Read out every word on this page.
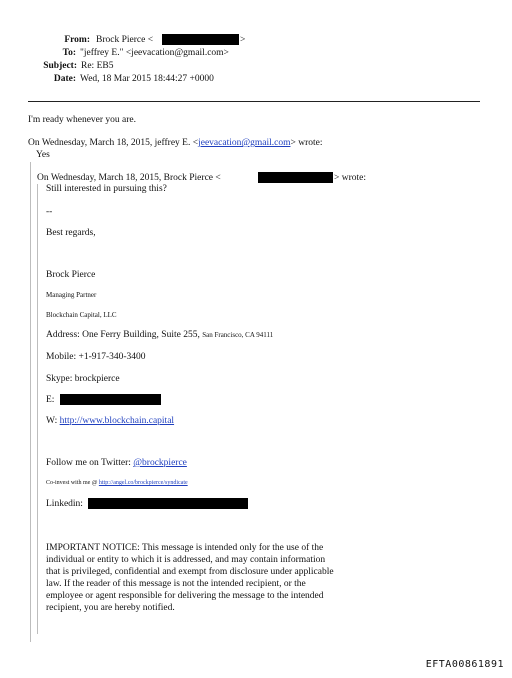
From: Brock Pierce <	>
To: "jeffrey E." <jeevacation@gmail.com>
Subject: Re: EB5
Date: Wed, 18 Mar 2015 18:44:27 +0000
I'm ready whenever you are.
On Wednesday, March 18, 2015, jeffrey E. <jeevacation@gmail.com> wrote:
Yes
On Wednesday, March 18, 2015, Brock Pierce <	> wrote:
Still interested in pursuing this?
--
Best regards,
Brock Pierce
Managing Partner
Blockchain Capital, LLC
Address: One Ferry Building, Suite 255, San Francisco, CA 94111
Mobile: +1-917-340-3400
Skype: brockpierce
E:
W: http://www.blockchain.capital
Follow me on Twitter: @brockpierce
Co-invest with me @ http://angel.co/brockpierce/syndicate
Linkedin:
IMPORTANT NOTICE: This message is intended only for the use of the
individual or entity to which it is addressed, and may contain information
that is privileged, confidential and exempt from disclosure under applicable
law. If the reader of this message is not the intended recipient, or the
employee or agent responsible for delivering the message to the intended
recipient, you are hereby notified.
EFTA00861891
